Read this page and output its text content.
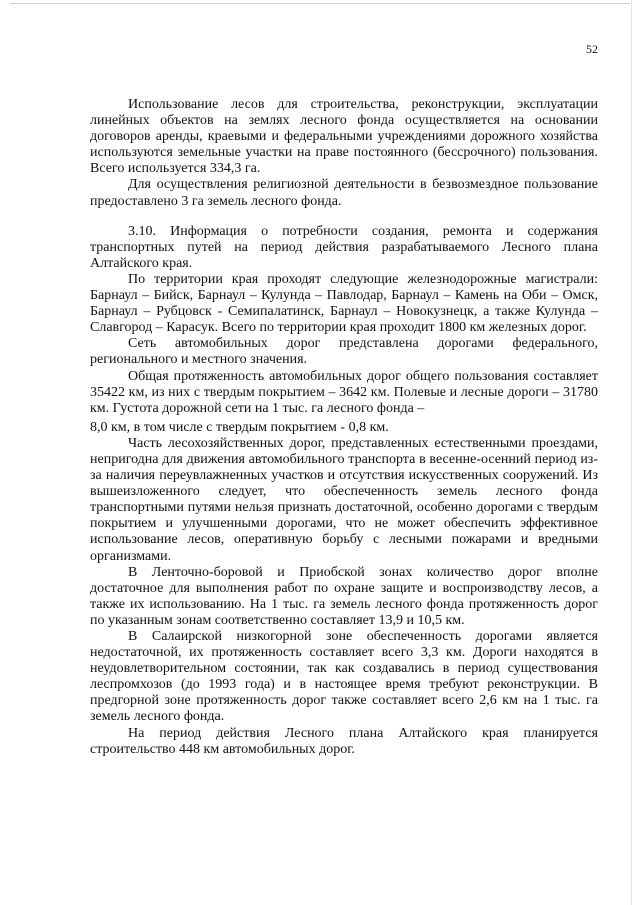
52

Использование лесов для строительства, реконструкции, эксплуатации линейных объектов на землях лесного фонда осуществляется на основании договоров аренды, краевыми и федеральными учреждениями дорожного хозяйства используются земельные участки на праве постоянного (бессрочного) пользования. Всего используется 334,3 га.

Для осуществления религиозной деятельности в безвозмездное пользование предоставлено 3 га земель лесного фонда.

3.10. Информация о потребности создания, ремонта и содержания транспортных путей на период действия разрабатываемого Лесного плана Алтайского края.

По территории края проходят следующие железнодорожные магистрали: Барнаул – Бийск, Барнаул – Кулунда – Павлодар, Барнаул – Камень на Оби – Омск, Барнаул – Рубцовск - Семипалатинск, Барнаул – Новокузнецк, а также Кулунда – Славгород – Карасук. Всего по территории края проходит 1800 км железных дорог.

Сеть автомобильных дорог представлена дорогами федерального, регионального и местного значения.

Общая протяженность автомобильных дорог общего пользования составляет 35422 км, из них с твердым покрытием – 3642 км. Полевые и лесные дороги – 31780 км. Густота дорожной сети на 1 тыс. га лесного фонда –

8,0 км, в том числе с твердым покрытием - 0,8 км.

Часть лесохозяйственных дорог, представленных естественными проездами, непригодна для движения автомобильного транспорта в весенне-осенний период из-за наличия переувлажненных участков и отсутствия искусственных сооружений. Из вышеизложенного следует, что обеспеченность земель лесного фонда транспортными путями нельзя признать достаточной, особенно дорогами с твердым покрытием и улучшенными дорогами, что не может обеспечить эффективное использование лесов, оперативную борьбу с лесными пожарами и вредными организмами.

В Ленточно-боровой и Приобской зонах количество дорог вполне достаточное для выполнения работ по охране защите и воспроизводству лесов, а также их использованию. На 1 тыс. га земель лесного фонда протяженность дорог по указанным зонам соответственно составляет 13,9 и 10,5 км.

В Салаирской низкогорной зоне обеспеченность дорогами является недостаточной, их протяженность составляет всего 3,3 км. Дороги находятся в неудовлетворительном состоянии, так как создавались в период существования леспромхозов (до 1993 года) и в настоящее время требуют реконструкции. В предгорной зоне протяженность дорог также составляет всего 2,6 км на 1 тыс. га земель лесного фонда.

На период действия Лесного плана Алтайского края планируется строительство 448 км автомобильных дорог.
